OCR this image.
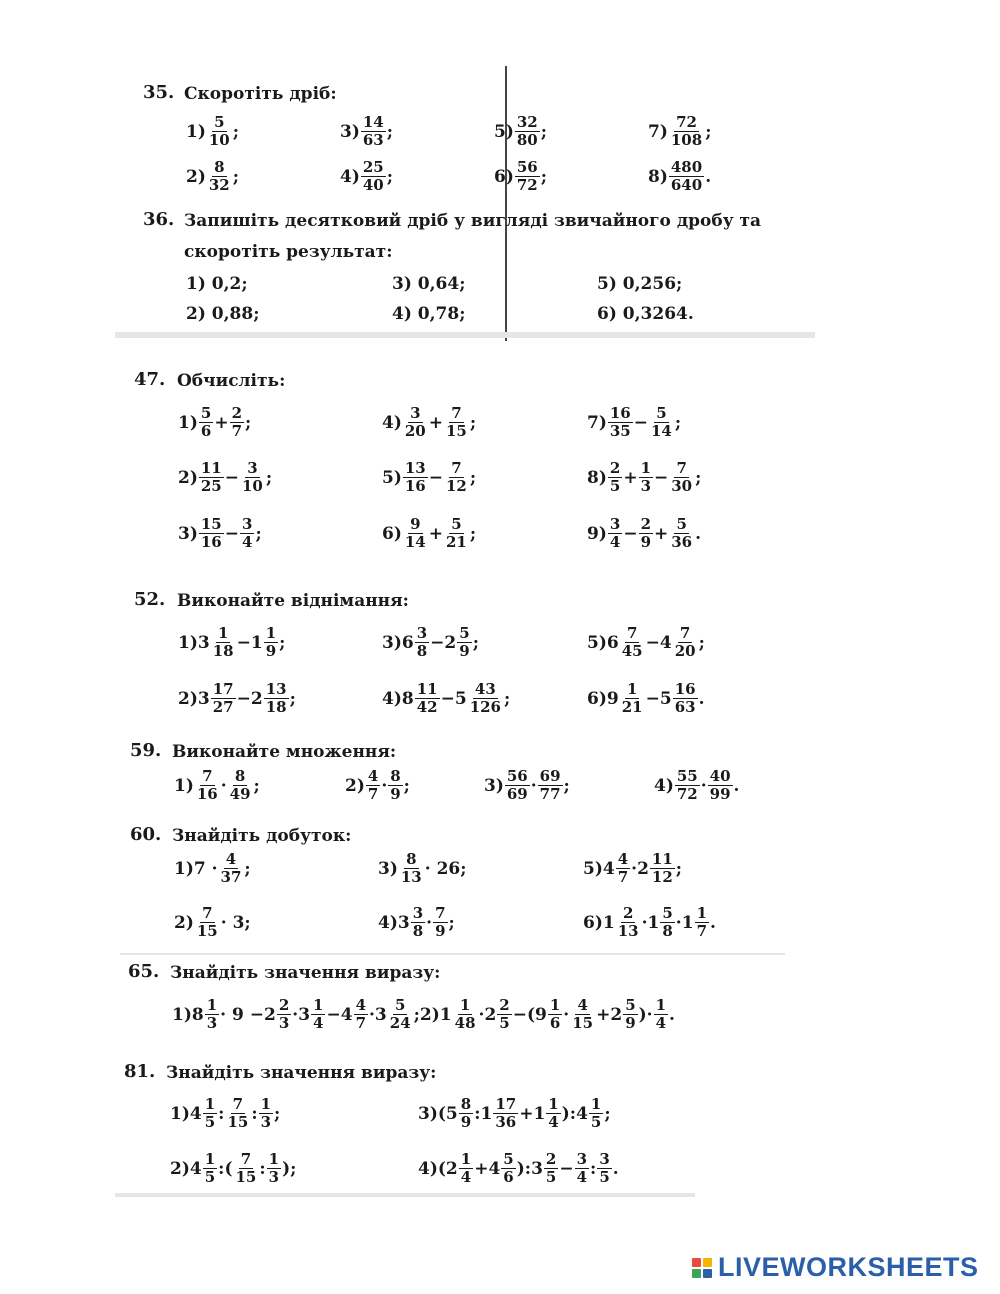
35. Скоротіть дріб:
$1) \frac{5}{10}$ ;	$3) \frac{14}{63}$ ;	$5) \frac{32}{80}$ ;	$7) \frac{72}{108}$ ;
$2) \frac{8}{32}$ ;	$4) \frac{25}{40}$ ;	$6) \frac{56}{72}$ ;	$8) \frac{480}{640}$ .
36. Запишіть десятковий дріб у вигляді звичайного дробу та
скоротіть результат:
1) 0,2;	3) 0,64;	5) 0,256;
2) 0,88;	4) 0,78;	6) 0,3264.
47. Обчисліть:
$1) \frac{5}{6} + \frac{2}{7}$ ;	$4) \frac{3}{20} + \frac{7}{15}$ ;	$7) \frac{16}{35} - \frac{5}{14}$ ;
$2) \frac{11}{25} - \frac{3}{10}$ ;	$5) \frac{13}{16} - \frac{7}{12}$ ;	$8) \frac{2}{5} + \frac{1}{3} - \frac{7}{30}$ ;
$3) \frac{15}{16} - \frac{3}{4}$ ;	$6) \frac{9}{14} + \frac{5}{21}$ ;	$9) \frac{3}{4} - \frac{2}{9} + \frac{5}{36}$ .
52. Виконайте віднімання:
1) $3 \frac{1}{18} - 1 \frac{1}{9}$ ;	3) $6 \frac{3}{8} - 2 \frac{5}{9}$ ;	5) $6 \frac{7}{45} - 4 \frac{7}{20}$ ;
2) $3 \frac{17}{27} - 2 \frac{13}{18}$ ;	4) $8 \frac{11}{42} - 5 \frac{43}{126}$ ;	6) $9 \frac{1}{21} - 5 \frac{16}{63}$ .
59. Виконайте множення:
$1) \frac{7}{16} \cdot \frac{8}{49}$ ;	$2) \frac{4}{7} \cdot \frac{8}{9}$ ;	$3) \frac{56}{69} \cdot \frac{69}{77}$ ;	$4) \frac{55}{72} \cdot \frac{40}{99}$ .
60. Знайдіть добуток:
1) $7 \cdot \frac{4}{37}$ ;	$3) \frac{8}{13} \cdot 26$;	5) $4 \frac{4}{7} \cdot 2 \frac{11}{12}$ ;
$2) \frac{7}{15} \cdot 3$;	4) $3 \frac{3}{8} \cdot \frac{7}{9}$ ;	6) $1 \frac{2}{13} \cdot 1 \frac{5}{8} \cdot 1 \frac{1}{7}$ .
65. Знайдіть значення виразу:
1) $8 \frac{1}{3} \cdot 9 - 2 \frac{2}{3} \cdot 3 \frac{1}{4} - 4 \frac{4}{7} \cdot 3 \frac{5}{24}$ ; 2) $1 \frac{1}{48} \cdot 2 \frac{2}{5}$ − ( $9 \frac{1}{6} \cdot \frac{4}{15} + 2 \frac{5}{9}$ ) · $\frac{1}{4}$ .
81. Знайдіть значення виразу:
1) $4 \frac{1}{5}$ : $\frac{7}{15}$ : $\frac{1}{3}$ ;	3) ( $5 \frac{8}{9}$ : $1 \frac{17}{36} + 1 \frac{1}{4}$ ) : $4 \frac{1}{5}$ ;
2) $4 \frac{1}{5}$ : ( $\frac{7}{15}$ : $\frac{1}{3}$ ) ;	4) ( $2 \frac{1}{4} + 4 \frac{5}{6}$ ) : $3 \frac{2}{5} - \frac{3}{4}$ : $\frac{3}{5}$ .
LIVEWORKSHEETS
